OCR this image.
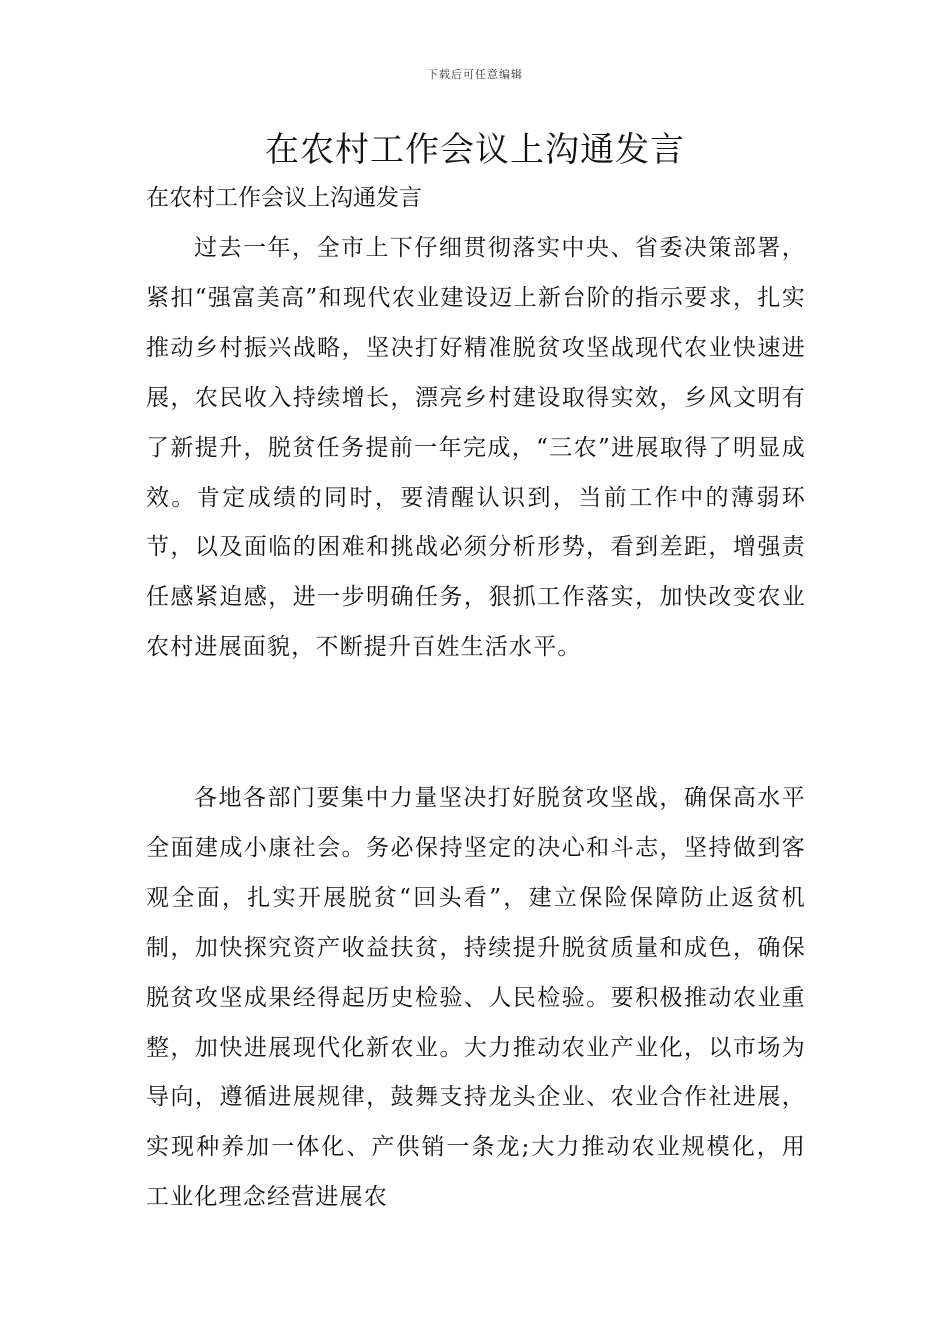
下载后可任意编辑
在农村工作会议上沟通发言

在农村工作会议上沟通发言

过去一年，全市上下仔细贯彻落实中央、省委决策部署，紧扣“强富美高”和现代农业建设迈上新台阶的指示要求，扎实推动乡村振兴战略，坚决打好精准脱贫攻坚战现代农业快速进展，农民收入持续增长，漂亮乡村建设取得实效，乡风文明有了新提升，脱贫任务提前一年完成，“三农”进展取得了明显成效。肯定成绩的同时，要清醒认识到，当前工作中的薄弱环节，以及面临的困难和挑战必须分析形势，看到差距，增强责任感紧迫感，进一步明确任务，狠抓工作落实，加快改变农业农村进展面貌，不断提升百姓生活水平。

各地各部门要集中力量坚决打好脱贫攻坚战，确保高水平全面建成小康社会。务必保持坚定的决心和斗志，坚持做到客观全面，扎实开展脱贫“回头看”，建立保险保障防止返贫机制，加快探究资产收益扶贫，持续提升脱贫质量和成色，确保脱贫攻坚成果经得起历史检验、人民检验。要积极推动农业重整，加快进展现代化新农业。大力推动农业产业化，以市场为导向，遵循进展规律，鼓舞支持龙头企业、农业合作社进展，实现种养加一体化、产供销一条龙;大力推动农业规模化，用工业化理念经营进展农
